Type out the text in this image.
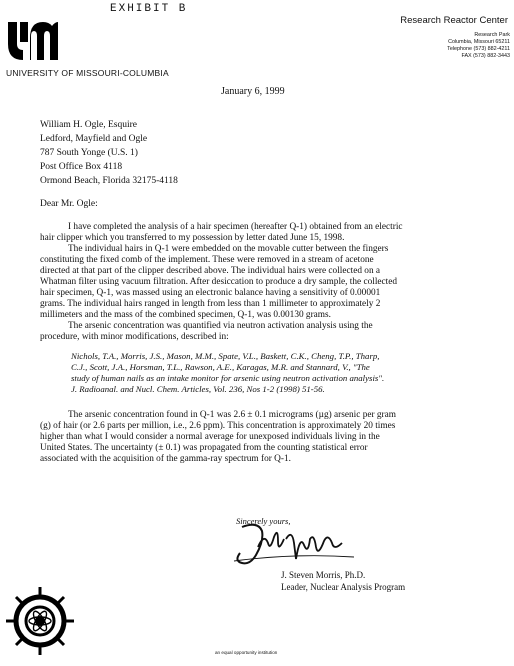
EXHIBIT B
UNIVERSITY OF MISSOURI-COLUMBIA
Research Reactor Center
Research Park
Columbia, Missouri 65211
Telephone (573) 882-4211
FAX (573) 882-3443
January 6, 1999
William H. Ogle, Esquire
Ledford, Mayfield and Ogle
787 South Yonge (U.S. 1)
Post Office Box 4118
Ormond Beach, Florida 32175-4118
Dear Mr. Ogle:
I have completed the analysis of a hair specimen (hereafter Q-1) obtained from an electric
hair clipper which you transferred to my possession by letter dated June 15, 1998.
The individual hairs in Q-1 were embedded on the movable cutter between the fingers
constituting the fixed comb of the implement. These were removed in a stream of acetone
directed at that part of the clipper described above. The individual hairs were collected on a
Whatman filter using vacuum filtration. After desiccation to produce a dry sample, the collected
hair specimen, Q-1, was massed using an electronic balance having a sensitivity of 0.00001
grams. The individual hairs ranged in length from less than 1 millimeter to approximately 2
millimeters and the mass of the combined specimen, Q-1, was 0.00130 grams.
The arsenic concentration was quantified via neutron activation analysis using the
procedure, with minor modifications, described in:
Nichols, T.A., Morris, J.S., Mason, M.M., Spate, V.L., Baskett, C.K., Cheng, T.P., Tharp,
C.J., Scott, J.A., Horsman, T.L., Rawson, A.E., Karagas, M.R. and Stannard, V., "The
study of human nails as an intake monitor for arsenic using neutron activation analysis".
J. Radioanal. and Nucl. Chem. Articles, Vol. 236, Nos 1-2 (1998) 51-56.
The arsenic concentration found in Q-1 was 2.6 ± 0.1 micrograms (µg) arsenic per gram
(g) of hair (or 2.6 parts per million, i.e., 2.6 ppm). This concentration is approximately 20 times
higher than what I would consider a normal average for unexposed individuals living in the
United States. The uncertainty (± 0.1) was propagated from the counting statistical error
associated with the acquisition of the gamma-ray spectrum for Q-1.
Sincerely yours,
J. Steven Morris, Ph.D.
Leader, Nuclear Analysis Program
an equal opportunity institution
